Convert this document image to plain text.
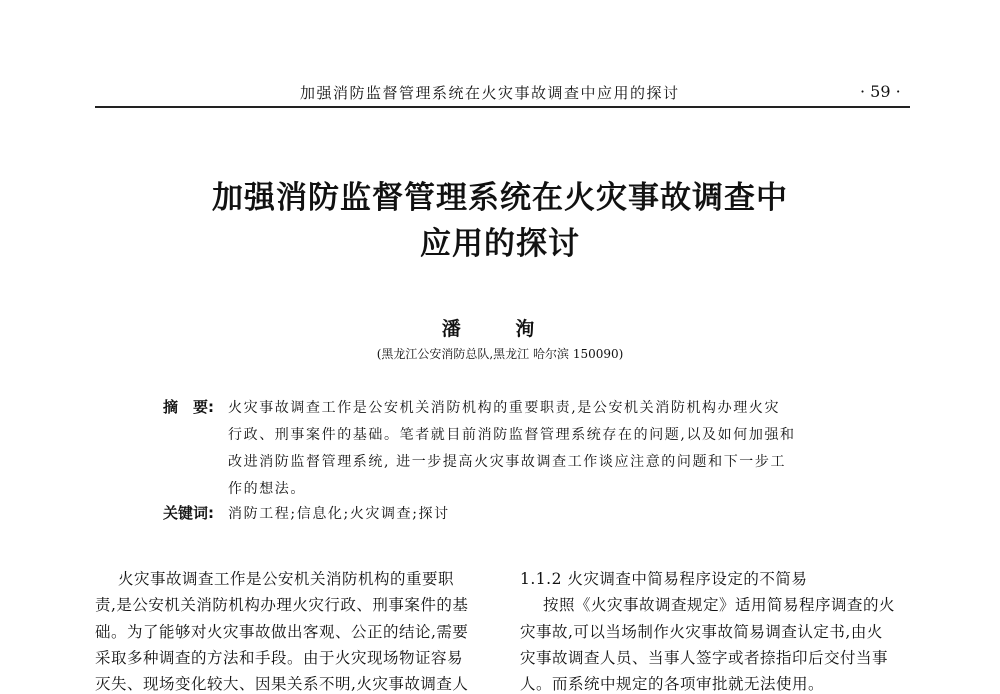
加强消防监督管理系统在火灾事故调查中应用的探讨	· 59 ·
加强消防监督管理系统在火灾事故调查中
应用的探讨
潘 洵
(黑龙江公安消防总队,黑龙江 哈尔滨 150090)
摘　要: 火灾事故调查工作是公安机关消防机构的重要职责,是公安机关消防机构办理火灾
行政、刑事案件的基础。笔者就目前消防监督管理系统存在的问题,以及如何加强和
改进消防监督管理系统, 进一步提高火灾事故调查工作谈应注意的问题和下一步工
作的想法。
关键词: 消防工程;信息化;火灾调查;探讨
火灾事故调查工作是公安机关消防机构的重要职
责,是公安机关消防机构办理火灾行政、刑事案件的基
础。为了能够对火灾事故做出客观、公正的结论,需要
采取多种调查的方法和手段。由于火灾现场物证容易
灭失、现场变化较大、因果关系不明,火灾事故调查人
1.1.2 火灾调查中简易程序设定的不简易
按照《火灾事故调查规定》适用简易程序调查的火
灾事故,可以当场制作火灾事故简易调查认定书,由火
灾事故调查人员、当事人签字或者捺指印后交付当事
人。而系统中规定的各项审批就无法使用。
